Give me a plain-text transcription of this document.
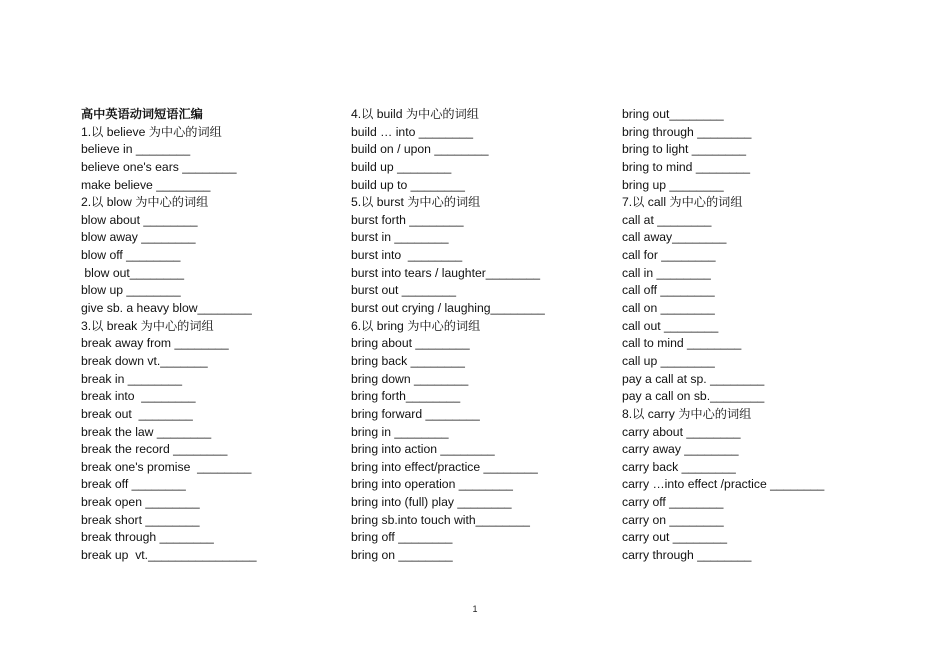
高中英语动词短语汇编
1.以 believe 为中心的词组
believe in ________
believe one's ears ________
make believe ________
2.以 blow 为中心的词组
blow about ________
blow away ________
blow off ________
blow out________
blow up ________
give sb. a heavy blow________
3.以 break 为中心的词组
break away from ________
break down vt._______
break in ________
break into  ________
break out  ________
break the law ________
break the record ________
break one's promise  ________
break off ________
break open ________
break short ________
break through ________
break up  vt.________________
4.以 build 为中心的词组
build … into ________
build on / upon ________
build up ________
build up to ________
5.以 burst 为中心的词组
burst forth ________
burst in ________
burst into  ________
burst into tears / laughter________
burst out ________
burst out crying / laughing________
6.以 bring 为中心的词组
bring about ________
bring back ________
bring down ________
bring forth________
bring forward ________
bring in ________
bring into action ________
bring into effect/practice ________
bring into operation ________
bring into (full) play ________
bring sb.into touch with________
bring off ________
bring on ________
bring out________
bring through ________
bring to light ________
bring to mind ________
bring up ________
7.以 call 为中心的词组
call at ________
call away________
call for ________
call in ________
call off ________
call on ________
call out ________
call to mind ________
call up ________
pay a call at sp. ________
pay a call on sb.________
8.以 carry 为中心的词组
carry about ________
carry away ________
carry back ________
carry …into effect /practice ________
carry off ________
carry on ________
carry out ________
carry through ________
1
